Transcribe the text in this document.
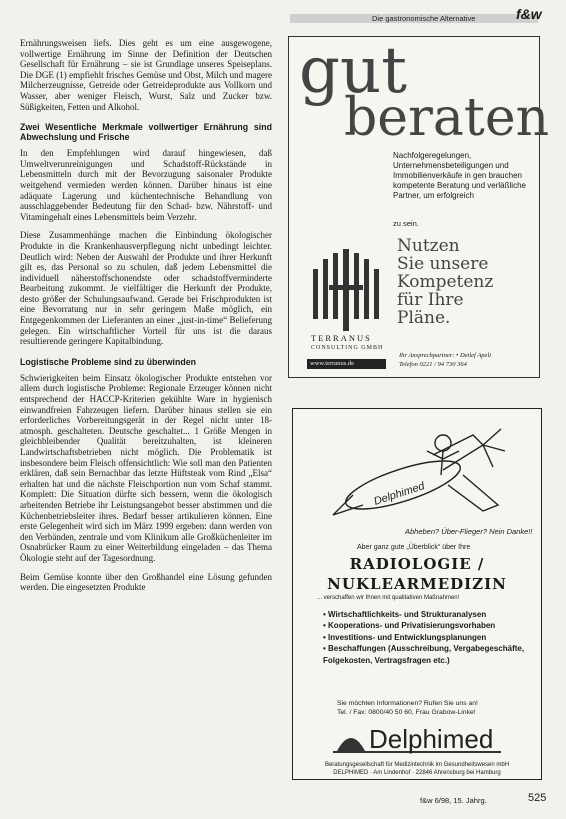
Die gastronomische Alternative	f&w

Ernährungsweisen liefs. Dies geht es um eine ausgewogene, vollwertige Ernährung im Sinne der Definition der Deutschen Gesellschaft für Ernährung – sie ist Grundlage unseres Speiseplans. Die DGE (1) empfiehlt frisches Gemüse und Obst, Milch und magere Milcherzeugnisse, Getreide oder Getreideprodukte aus Vollkorn und Wasser, aber weniger Fleisch, Wurst, Salz und Zucker bzw. Süßigkeiten, Fetten und Alkohol.

Zwei Wesentliche Merkmale vollwertiger Ernährung sind Abwechslung und Frische

In den Empfehlungen wird darauf hingewiesen, daß Umweltverunreinigungen und Schadstoff-Rückstände in Lebensmitteln durch mit der Bevorzugung saisonaler Produkte weitgehend vermieden werden können. Darüber hinaus ist eine adäquate Lagerung und küchentechnische Behandlung von ausschlaggebender Bedeutung für den Schad- bzw. Nährstoff- und Vitamingehalt eines Lebensmittels beim Verzehr.

Diese Zusammenhänge machen die Einbindung ökologischer Produkte in die Krankenhausverpflegung nicht unbedingt leichter. Deutlich wird: Neben der Auswahl der Produkte und ihrer Herkunft gilt es, das Personal so zu schulen, daß jedem Lebensmittel die individuell näherstoffschonendste oder schadstoffverminderte Bearbeitung zukommt. Je vielfältiger die Herkunft der Produkte, desto größer der Schulungsaufwand. Gerade bei Frischprodukten ist eine Bevorratung nur in sehr geringem Maße möglich, ein Entgegenkommen der Lieferanten an einer „just-in-time“ Belieferung gelegen. Ein wirtschaftlicher Vorteil für uns ist die daraus resultierende geringere Kapitalbindung.

Logistische Probleme sind zu überwinden

Schwierigkeiten beim Einsatz ökologischer Produkte entstehen vor allem durch logistische Probleme: Regionale Erzeuger können nicht entsprechend der HACCP-Kriterien gekühlte Ware in hygienisch einwandfreien Fahrzeugen liefern. Darüber hinaus stellen sie ein erforderliches Vorbereitungsgerät in der Regel nicht unter 18-atmosph. geschalteten. Deutsche geschaltet... 1 Größe Mengen in gleichbleibender Qualität bereitzuhalten, ist kleineren Landwirtschaftsbetrieben nicht möglich. Die Problematik ist insbesondere beim Fleisch offensichtlich: Wie soll man den Patienten erklären, daß sein Bernachbar das letzte Hüftsteak vom Rind „Elsa“ erhalten hat und die nächste Fleischportion nun vom Schaf stammt. Komplett: Die Situation dürfte sich bessern, wenn die ökologisch arbeitenden Betriebe ihr Leistungsangebot besser abstimmen und die Küchenbetriebsleiter ihres. Bedarf besser artikulieren können. Eine erste Gelegenheit wird sich im März 1999 ergeben: dann werden von den Verbänden, zentrale und vom Klinikum alle Großküchenleiter im Osnabrücker Raum zu einer Weiterbildung eingeladen – das Thema Ökologie steht auf der Tagesordnung.

Beim Gemüse konnte über den Großhandel eine Lösung gefunden werden. Die eingesetzten Produkte

gut
beraten
Nachfolgeregelungen, Unternehmensbeteiligungen und Immobilienverkäufe in gen brauchen kompetente Beratung und verläßliche Partner, um erfolgreich
zu sein.
Nutzen
Sie unsere
Kompetenz
für Ihre
Pläne.
TERRANUS
CONSULTING GMBH
www.terranus.de
Ihr Ansprechpartner: • Detlef Apeli
Telefon 0221 / 94 730 364
Delphimed
Abheben? Über-Flieger? Nein Danke!!
Aber ganz gute „Überblick“ über Ihre
RADIOLOGIE /
NUKLEARMEDIZIN
... verschaffen wir Ihnen mit qualitativen Maßnahmen!
• Wirtschaftlichkeits- und Strukturanalysen
• Kooperations- und Privatisierungsvorhaben
• Investitions- und Entwicklungsplanungen
• Beschaffungen (Ausschreibung, Vergabegeschäfte, Folgekosten, Vertragsfragen etc.)
Sie möchten Informationen? Rufen Sie uns an!
Tel. / Fax: 0800/40 50 60, Frau Grabow-Linke!
Delphimed
Beratungsgesellschaft für Medizintechnik im Gesundheitswesen mbH
DELPHIMED · Am Lindenhof · 22846 Ahrensburg bei Hamburg
f&w 6/98, 15. Jahrg.	525
